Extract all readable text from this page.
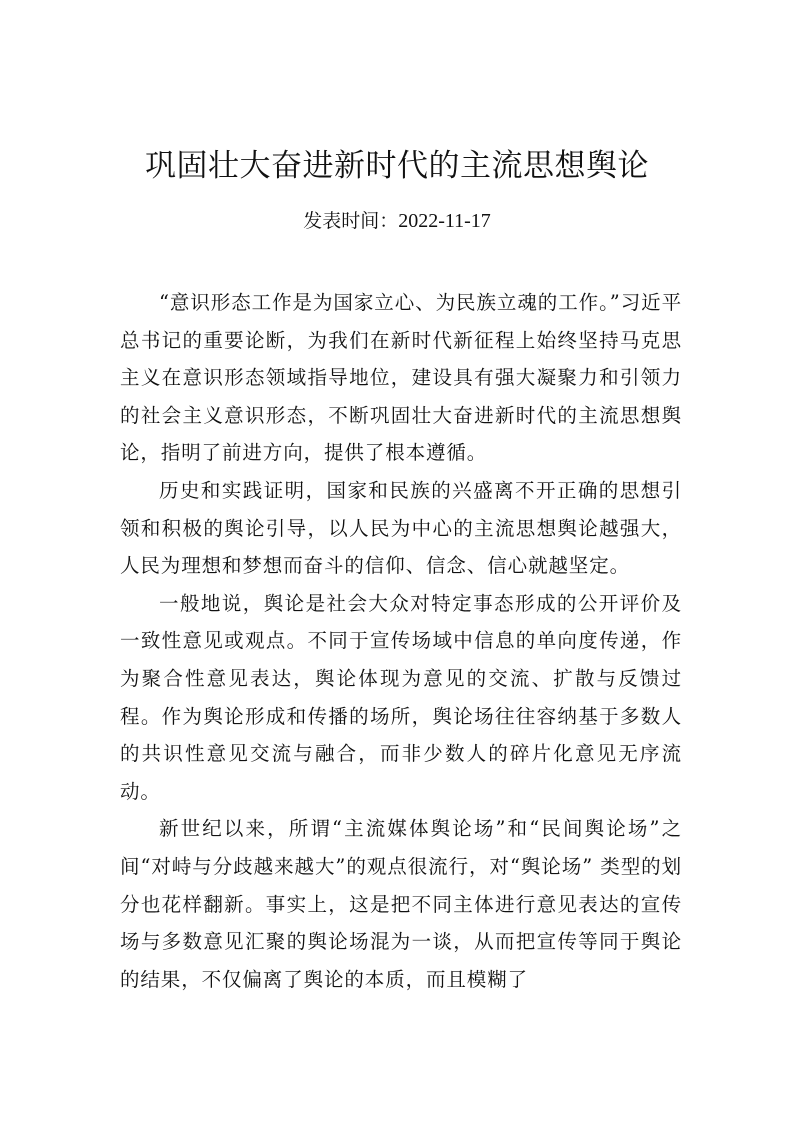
巩固壮大奋进新时代的主流思想舆论
发表时间：2022-11-17

“意识形态工作是为国家立心、为民族立魂的工作。”习近平总书记的重要论断，为我们在新时代新征程上始终坚持马克思主义在意识形态领域指导地位，建设具有强大凝聚力和引领力的社会主义意识形态，不断巩固壮大奋进新时代的主流思想舆论，指明了前进方向，提供了根本遵循。

历史和实践证明，国家和民族的兴盛离不开正确的思想引领和积极的舆论引导，以人民为中心的主流思想舆论越强大，人民为理想和梦想而奋斗的信仰、信念、信心就越坚定。

一般地说，舆论是社会大众对特定事态形成的公开评价及一致性意见或观点。不同于宣传场域中信息的单向度传递，作为聚合性意见表达，舆论体现为意见的交流、扩散与反馈过程。作为舆论形成和传播的场所，舆论场往往容纳基于多数人的共识性意见交流与融合，而非少数人的碎片化意见无序流动。

新世纪以来，所谓“主流媒体舆论场”和“民间舆论场”之间“对峙与分歧越来越大”的观点很流行，对“舆论场” 类型的划分也花样翻新。事实上，这是把不同主体进行意见表达的宣传场与多数意见汇聚的舆论场混为一谈，从而把宣传等同于舆论的结果，不仅偏离了舆论的本质，而且模糊了
